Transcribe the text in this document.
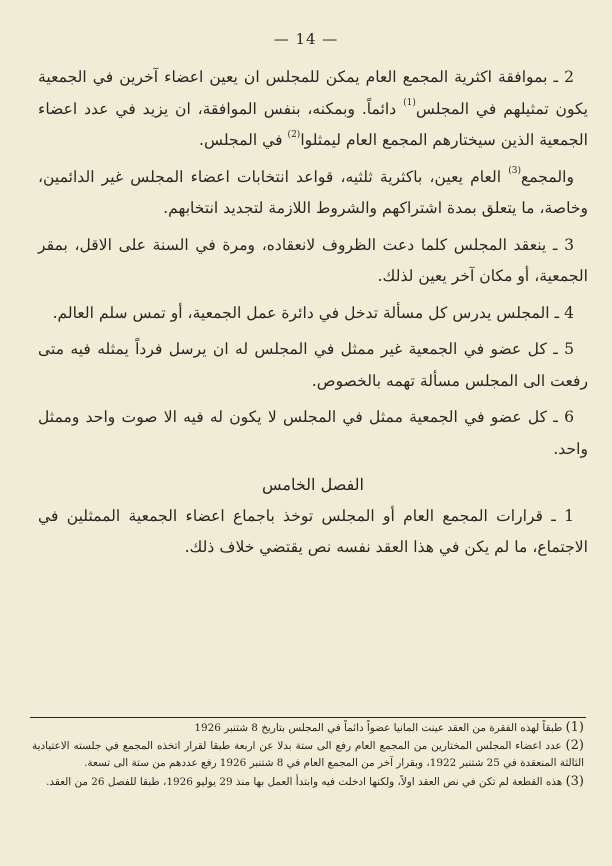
— 14 —

2 ـ بموافقة اكثرية المجمع العام يمكن للمجلس ان يعين اعضاء آخرين في الجمعية يكون تمثيلهم في المجلس$^{(1)}$ دائماً. وبمكنه، بنفس الموافقة، ان يزيد في عدد اعضاء الجمعية الذين سيختارهم المجمع العام ليمثلوا$^{(2)}$ في المجلس.

والمجمع$^{(3)}$ العام يعين، باكثرية ثلثيه، قواعد انتخابات اعضاء المجلس غير الدائمين، وخاصة، ما يتعلق بمدة اشتراكهم والشروط اللازمة لتجديد انتخابهم.

3 ـ ينعقد المجلس كلما دعت الظروف لانعقاده، ومرة في السنة على الاقل، بمقر الجمعية، أو مكان آخر يعين لذلك.

4 ـ المجلس يدرس كل مسألة تدخل في دائرة عمل الجمعية، أو تمس سلم العالم.

5 ـ كل عضو في الجمعية غير ممثل في المجلس له ان يرسل فرداً يمثله فيه متى رفعت الى المجلس مسألة تهمه بالخصوص.

6 ـ كل عضو في الجمعية ممثل في المجلس لا يكون له فيه الا صوت واحد وممثل واحد.

الفصل الخامس

1 ـ قرارات المجمع العام أو المجلس توخذ باجماع اعضاء الجمعية الممثلين في الاجتماع، ما لم يكن في هذا العقد نفسه نص يقتضي خلاف ذلك.

(1) طبقاً لهذه الفقرة من العقد عينت المانيا عضواً دائماً في المجلس بتاريخ 8 شتنبر 1926

(2) عدد اعضاء المجلس المختارين من المجمع العام رفع الى ستة بدلا عن اربعة طبقا لقرار اتخذه المجمع في جلسته الاعتيادية الثالثة المنعقدة في 25 شتنبر 1922، وبقرار آخر من المجمع العام في 8 شتنبر 1926 رفع عددهم من ستة الى تسعة.

(3) هذه القطعة لم تكن في نص العقد اولاً، ولكنها ادخلت فيه وابتدأ العمل بها منذ 29 يوليو 1926، طبقا للفصل 26 من العقد.
